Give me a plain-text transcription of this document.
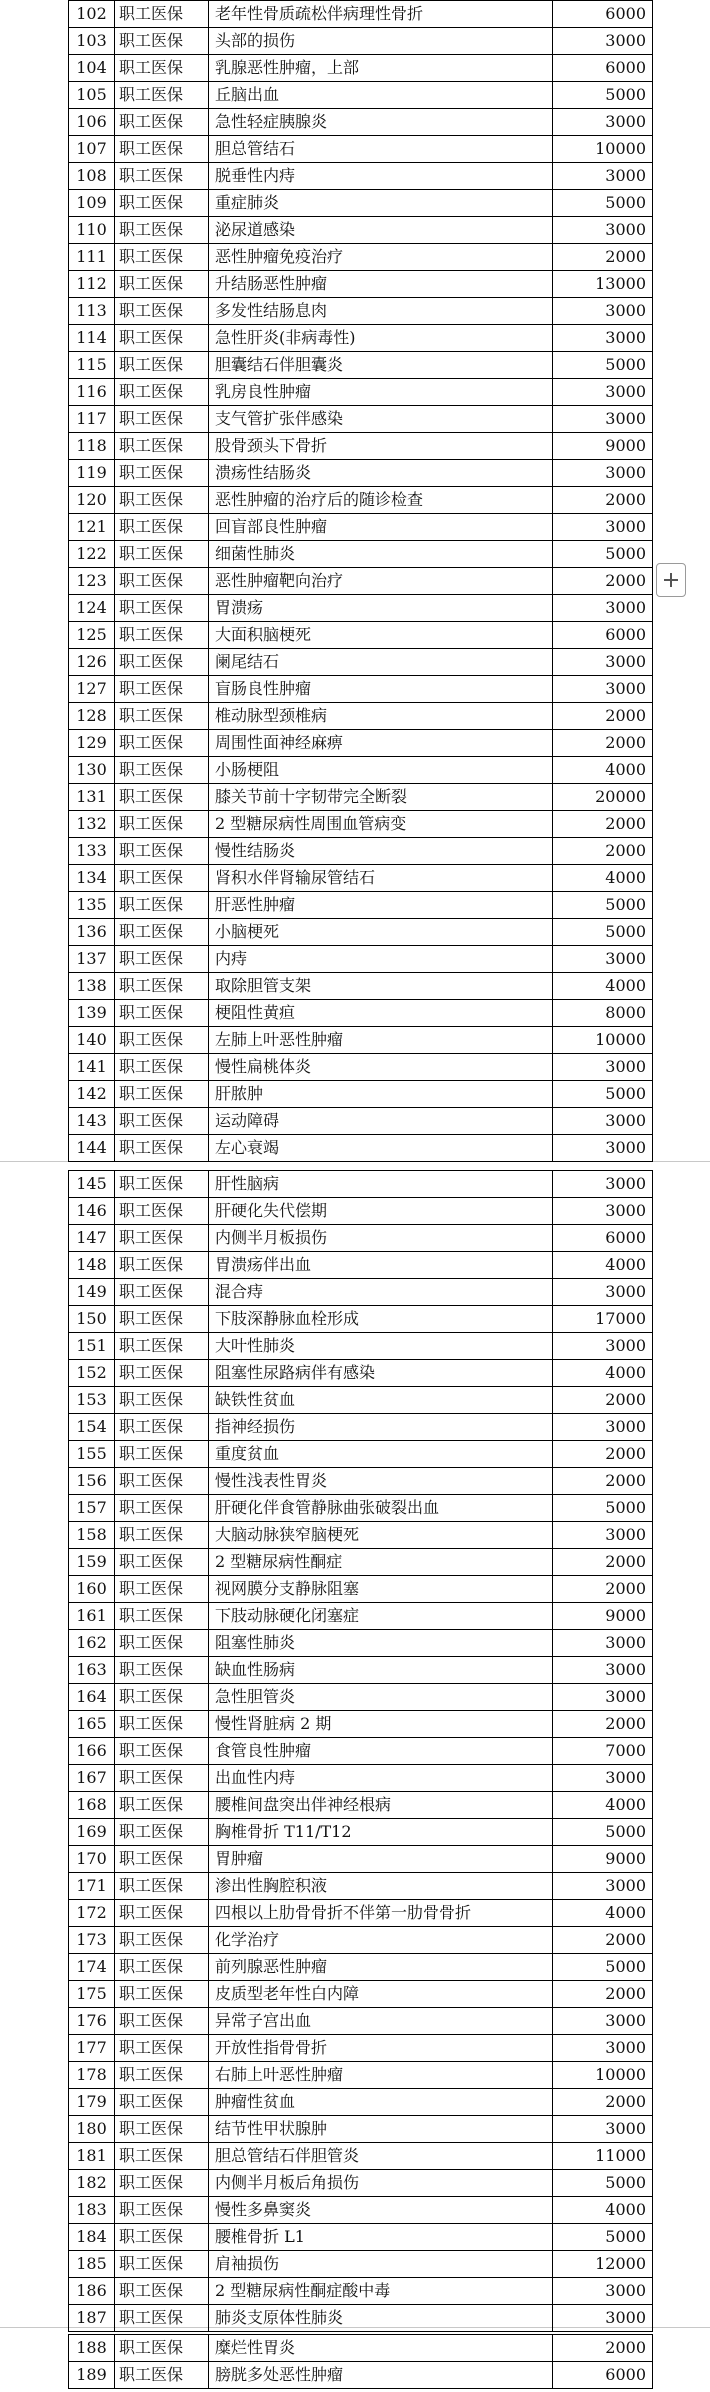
102	职工医保	老年性骨质疏松伴病理性骨折	6000
103	职工医保	头部的损伤	3000
104	职工医保	乳腺恶性肿瘤，上部	6000
105	职工医保	丘脑出血	5000
106	职工医保	急性轻症胰腺炎	3000
107	职工医保	胆总管结石	10000
108	职工医保	脱垂性内痔	3000
109	职工医保	重症肺炎	5000
110	职工医保	泌尿道感染	3000
111	职工医保	恶性肿瘤免疫治疗	2000
112	职工医保	升结肠恶性肿瘤	13000
113	职工医保	多发性结肠息肉	3000
114	职工医保	急性肝炎(非病毒性)	3000
115	职工医保	胆囊结石伴胆囊炎	5000
116	职工医保	乳房良性肿瘤	3000
117	职工医保	支气管扩张伴感染	3000
118	职工医保	股骨颈头下骨折	9000
119	职工医保	溃疡性结肠炎	3000
120	职工医保	恶性肿瘤的治疗后的随诊检查	2000
121	职工医保	回盲部良性肿瘤	3000
122	职工医保	细菌性肺炎	5000
123	职工医保	恶性肿瘤靶向治疗	2000
124	职工医保	胃溃疡	3000
125	职工医保	大面积脑梗死	6000
126	职工医保	阑尾结石	3000
127	职工医保	盲肠良性肿瘤	3000
128	职工医保	椎动脉型颈椎病	2000
129	职工医保	周围性面神经麻痹	2000
130	职工医保	小肠梗阻	4000
131	职工医保	膝关节前十字韧带完全断裂	20000
132	职工医保	2 型糖尿病性周围血管病变	2000
133	职工医保	慢性结肠炎	2000
134	职工医保	肾积水伴肾输尿管结石	4000
135	职工医保	肝恶性肿瘤	5000
136	职工医保	小脑梗死	5000
137	职工医保	内痔	3000
138	职工医保	取除胆管支架	4000
139	职工医保	梗阻性黄疸	8000
140	职工医保	左肺上叶恶性肿瘤	10000
141	职工医保	慢性扁桃体炎	3000
142	职工医保	肝脓肿	5000
143	职工医保	运动障碍	3000
144	职工医保	左心衰竭	3000
145	职工医保	肝性脑病	3000
146	职工医保	肝硬化失代偿期	3000
147	职工医保	内侧半月板损伤	6000
148	职工医保	胃溃疡伴出血	4000
149	职工医保	混合痔	3000
150	职工医保	下肢深静脉血栓形成	17000
151	职工医保	大叶性肺炎	3000
152	职工医保	阻塞性尿路病伴有感染	4000
153	职工医保	缺铁性贫血	2000
154	职工医保	指神经损伤	3000
155	职工医保	重度贫血	2000
156	职工医保	慢性浅表性胃炎	2000
157	职工医保	肝硬化伴食管静脉曲张破裂出血	5000
158	职工医保	大脑动脉狭窄脑梗死	3000
159	职工医保	2 型糖尿病性酮症	2000
160	职工医保	视网膜分支静脉阻塞	2000
161	职工医保	下肢动脉硬化闭塞症	9000
162	职工医保	阻塞性肺炎	3000
163	职工医保	缺血性肠病	3000
164	职工医保	急性胆管炎	3000
165	职工医保	慢性肾脏病 2 期	2000
166	职工医保	食管良性肿瘤	7000
167	职工医保	出血性内痔	3000
168	职工医保	腰椎间盘突出伴神经根病	4000
169	职工医保	胸椎骨折 T11/T12	5000
170	职工医保	胃肿瘤	9000
171	职工医保	渗出性胸腔积液	3000
172	职工医保	四根以上肋骨骨折不伴第一肋骨骨折	4000
173	职工医保	化学治疗	2000
174	职工医保	前列腺恶性肿瘤	5000
175	职工医保	皮质型老年性白内障	2000
176	职工医保	异常子宫出血	3000
177	职工医保	开放性指骨骨折	3000
178	职工医保	右肺上叶恶性肿瘤	10000
179	职工医保	肿瘤性贫血	2000
180	职工医保	结节性甲状腺肿	3000
181	职工医保	胆总管结石伴胆管炎	11000
182	职工医保	内侧半月板后角损伤	5000
183	职工医保	慢性多鼻窦炎	4000
184	职工医保	腰椎骨折 L1	5000
185	职工医保	肩袖损伤	12000
186	职工医保	2 型糖尿病性酮症酸中毒	3000
187	职工医保	肺炎支原体性肺炎	3000
188	职工医保	糜烂性胃炎	2000
189	职工医保	膀胱多处恶性肿瘤	6000
